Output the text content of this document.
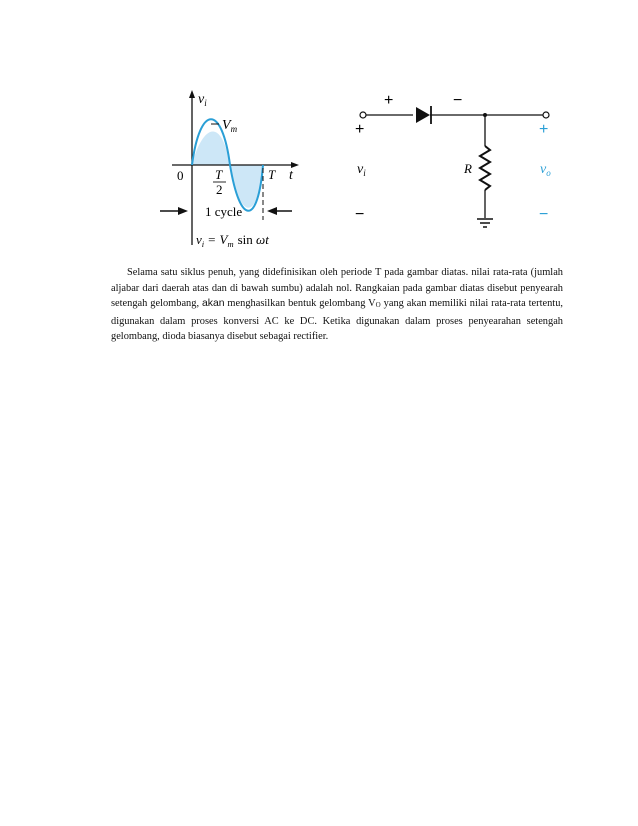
$v_i$
t
0
$V_m$
T
2
T
1 cycle
$v_i = V_m$ sin ωt
+	−
+
−
$v_i$	R
+
−
$v_o$

Selama satu siklus penuh, yang didefinisikan oleh periode T pada gambar diatas. nilai rata-rata (jumlah aljabar dari daerah atas dan di bawah sumbu) adalah nol. Rangkaian pada gambar diatas disebut penyearah setengah gelombang, akan menghasilkan bentuk gelombang VO yang akan memiliki nilai rata-rata tertentu, digunakan dalam proses konversi AC ke DC. Ketika digunakan dalam proses penyearahan setengah gelombang, dioda biasanya disebut sebagai rectifier.
